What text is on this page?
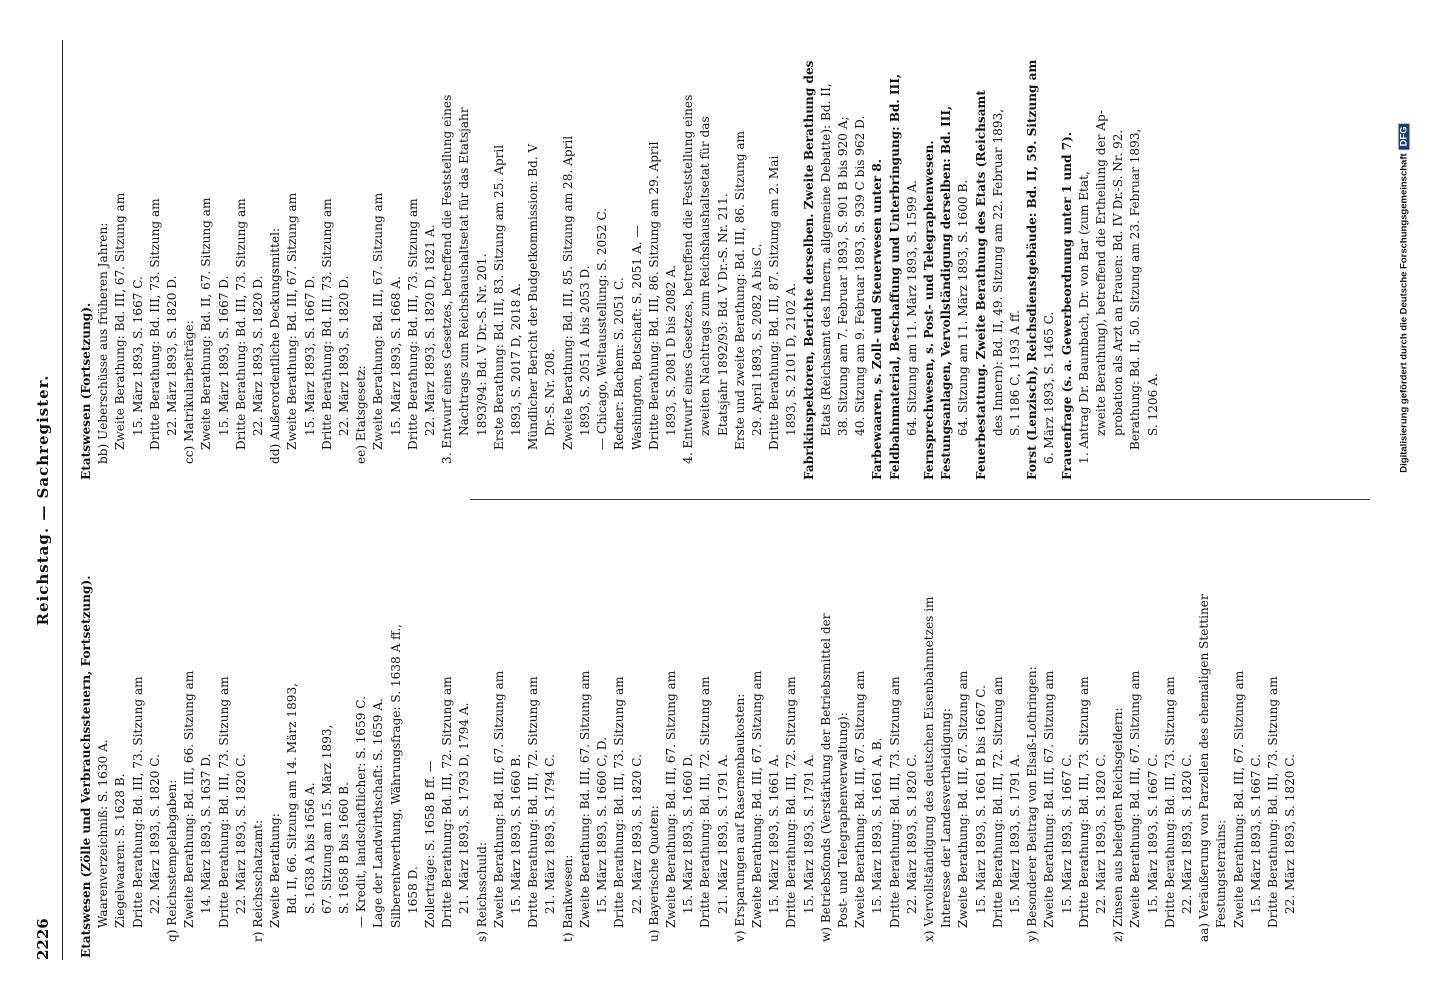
Digitalisierung gefördert durch die Deutsche ForschungsgemeinschaftDFG
2226
Reichstag. — Sachregister.
Etatswesen (Zölle und Verbrauchssteuern, Fortsetzung). Waarenverzeichniß: S. 1630 A. Ziegelwaaren: S. 1628 B. Dritte Berathung: Bd. III, 73. Sitzung am 22. März 1893, S. 1820 C. q) Reichsstempelabgaben: Zweite Berathung: Bd. III, 66. Sitzung am 14. März 1893, S. 1637 D. Dritte Berathung: Bd. III, 73. Sitzung am 22. März 1893, S. 1820 C. r) Reichsschatzamt: Zweite Berathung: Bd. II, 66. Sitzung am 14. März 1893, S. 1638 A bis 1656 A. 67. Sitzung am 15. März 1893, S. 1658 B bis 1660 B. — Kredit, landschaftlicher: S. 1659 C. Lage der Landwirthschaft: S. 1659 A. Silberentwerthung, Währungsfrage: S. 1638 A ff., 1658 D. Zollerträge: S. 1658 B ff. — Dritte Berathung: Bd. III, 72. Sitzung am 21. März 1893, S. 1793 D, 1794 A. s) Reichsschuld: Zweite Berathung: Bd. III, 67. Sitzung am 15. März 1893, S. 1660 B. Dritte Berathung: Bd. III, 72. Sitzung am 21. März 1893, S. 1794 C. t) Bankwesen: Zweite Berathung: Bd. III, 67. Sitzung am 15. März 1893, S. 1660 C, D. Dritte Berathung: Bd. III, 73. Sitzung am 22. März 1893, S. 1820 C. u) Bayerische Quoten: Zweite Berathung: Bd. III, 67. Sitzung am 15. März 1893, S. 1660 D. Dritte Berathung: Bd. III, 72. Sitzung am 21. März 1893, S. 1791 A. v) Ersparungen auf Rasernenbaukosten: Zweite Berathung: Bd. III, 67. Sitzung am 15. März 1893, S. 1661 A. Dritte Berathung: Bd. III, 72. Sitzung am 15. März 1893, S. 1791 A. w) Betriebsfonds (Verstärkung der Betriebsmittel der Post- und Telegraphenverwaltung): Zweite Berathung: Bd. III, 67. Sitzung am 15. März 1893, S. 1661 A, B. Dritte Berathung: Bd. III, 73. Sitzung am 22. März 1893, S. 1820 C. x) Vervollständigung des deutschen Eisenbahnnetzes im Interesse der Landesvertheidigung: Zweite Berathung: Bd. III, 67. Sitzung am 15. März 1893, S. 1661 B bis 1667 C. Dritte Berathung: Bd. III, 72. Sitzung am 15. März 1893, S. 1791 A. y) Besonderer Beitrag von Elsaß-Lothringen: Zweite Berathung: Bd. III, 67. Sitzung am 15. März 1893, S. 1667 C. Dritte Berathung: Bd. III, 73. Sitzung am 22. März 1893, S. 1820 C. z) Zinsen aus belegten Reichsgeldern: Zweite Berathung: Bd. III, 67. Sitzung am 15. März 1893, S. 1667 C. Dritte Berathung: Bd. III, 73. Sitzung am 22. März 1893, S. 1820 C. aa) Veräußerung von Parzellen des ehemaligen Stettiner Festungsterrains: Zweite Berathung: Bd. III, 67. Sitzung am 15. März 1893, S. 1667 C. Dritte Berathung: Bd. III, 73. Sitzung am 22. März 1893, S. 1820 C.
Etatswesen (Fortsetzung). bb) Ueberschüsse aus früheren Jahren: Zweite Berathung: Bd. III, 67. Sitzung am 15. März 1893, S. 1667 C. Dritte Berathung: Bd. III, 73. Sitzung am 22. März 1893, S. 1820 D. cc) Matrikularbeiträge: Zweite Berathung: Bd. II, 67. Sitzung am 15. März 1893, S. 1667 D. Dritte Berathung: Bd. III, 73. Sitzung am 22. März 1893, S. 1820 D. dd) Außerordentliche Deckungsmittel: Zweite Berathung: Bd. III, 67. Sitzung am 15. März 1893, S. 1667 D. Dritte Berathung: Bd. III, 73. Sitzung am 22. März 1893, S. 1820 D. ee) Etatsgesetz: Zweite Berathung: Bd. III, 67. Sitzung am 15. März 1893, S. 1668 A. Dritte Berathung: Bd. III, 73. Sitzung am 22. März 1893, S. 1820 D, 1821 A. 3. Entwurf eines Gesetzes, betreffend die Feststellung eines Nachtrags zum Reichshaushaltsetat für das Etatsjahr 1893/94: Bd. V Dr.-S. Nr. 201. Erste Berathung: Bd. III, 83. Sitzung am 25. April 1893, S. 2017 D, 2018 A. Mündlicher Bericht der Budgetkommission: Bd. V Dr.-S. Nr. 208. Zweite Berathung: Bd. III, 85. Sitzung am 28. April 1893, S. 2051 A bis 2053 D. — Chicago, Weltausstellung: S. 2052 C. Redner: Bachem: S. 2051 C. Washington, Botschaft: S. 2051 A. — Dritte Berathung: Bd. III, 86. Sitzung am 29. April 1893, S. 2081 D bis 2082 A. 4. Entwurf eines Gesetzes, betreffend die Feststellung eines zweiten Nachtrags zum Reichshaushaltsetat für das Etatsjahr 1892/93: Bd. V Dr.-S. Nr. 211. Erste und zweite Berathung: Bd. III, 86. Sitzung am 29. April 1893, S. 2082 A bis C. Dritte Berathung: Bd. III, 87. Sitzung am 2. Mai 1893, S. 2101 D, 2102 A. Fabrikinspektoren, Berichte derselben. Zweite Berathung des Etats (Reichsamt des Innern, allgemeine Debatte): Bd. II, 38. Sitzung am 7. Februar 1893, S. 901 B bis 920 A; 40. Sitzung am 9. Februar 1893, S. 939 C bis 962 D. Farbewaaren, s. Zoll- und Steuerwesen unter 8. Feldbahnmaterial, Beschaffung und Unterbringung: Bd. III, 64. Sitzung am 11. März 1893, S. 1599 A. Fernsprechwesen, s. Post- und Telegraphenwesen. Festungsanlagen, Vervollständigung derselben: Bd. III, 64. Sitzung am 11. März 1893, S. 1600 B. Feuerbestattung. Zweite Berathung des Etats (Reichsamt des Innern): Bd. II, 49. Sitzung am 22. Februar 1893, S. 1186 C, 1193 A ff. Forst (Lenzisch), Reichsdienstgebäude: Bd. II, 59. Sitzung am 6. März 1893, S. 1465 C. Frauenfrage (s. a. Gewerbeordnung unter 1 und 7). 1. Antrag Dr. Baumbach, Dr. von Bar (zum Etat, zweite Berathung), betreffend die Ertheilung der Ap- probation als Arzt an Frauen: Bd. IV Dr.-S. Nr. 92. Berathung: Bd. II, 50. Sitzung am 23. Februar 1893, S. 1206 A.
